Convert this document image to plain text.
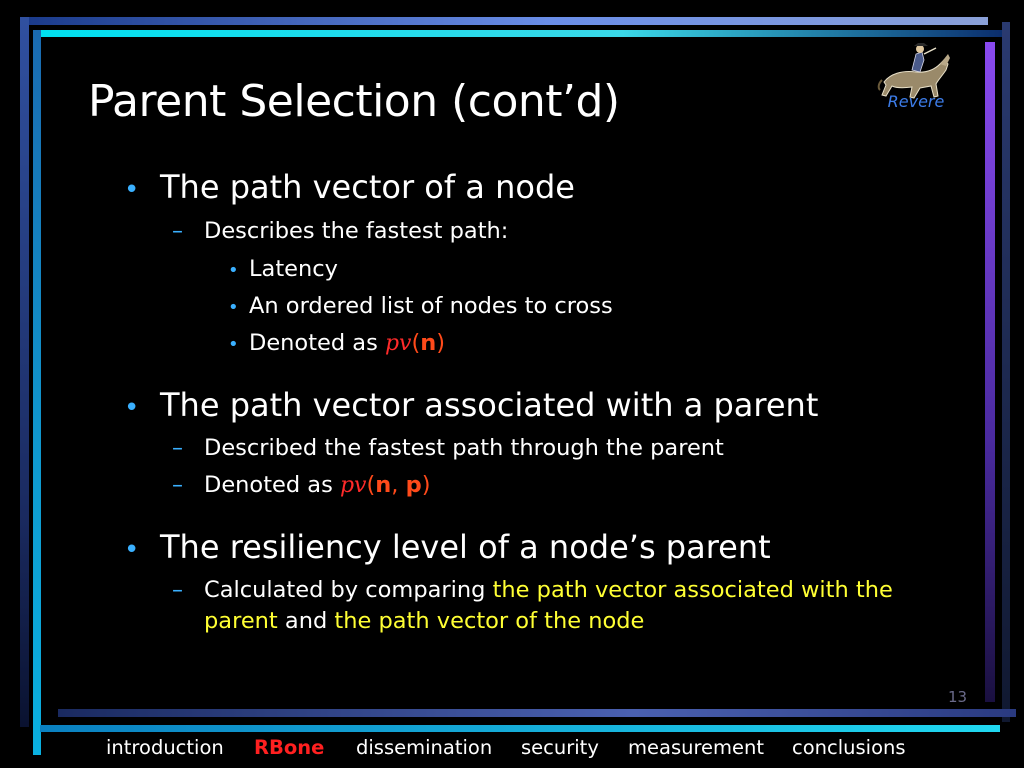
Parent Selection (cont’d)	Revere
• The path vector of a node
– Describes the fastest path:
• Latency
• An ordered list of nodes to cross
• Denoted as pv(n)
• The path vector associated with a parent
– Described the fastest path through the parent
– Denoted as pv(n, p)
• The resiliency level of a node’s parent
– Calculated by comparing the path vector associated with the
parent and the path vector of the node
13
introduction RBone dissemination security measurement conclusions
